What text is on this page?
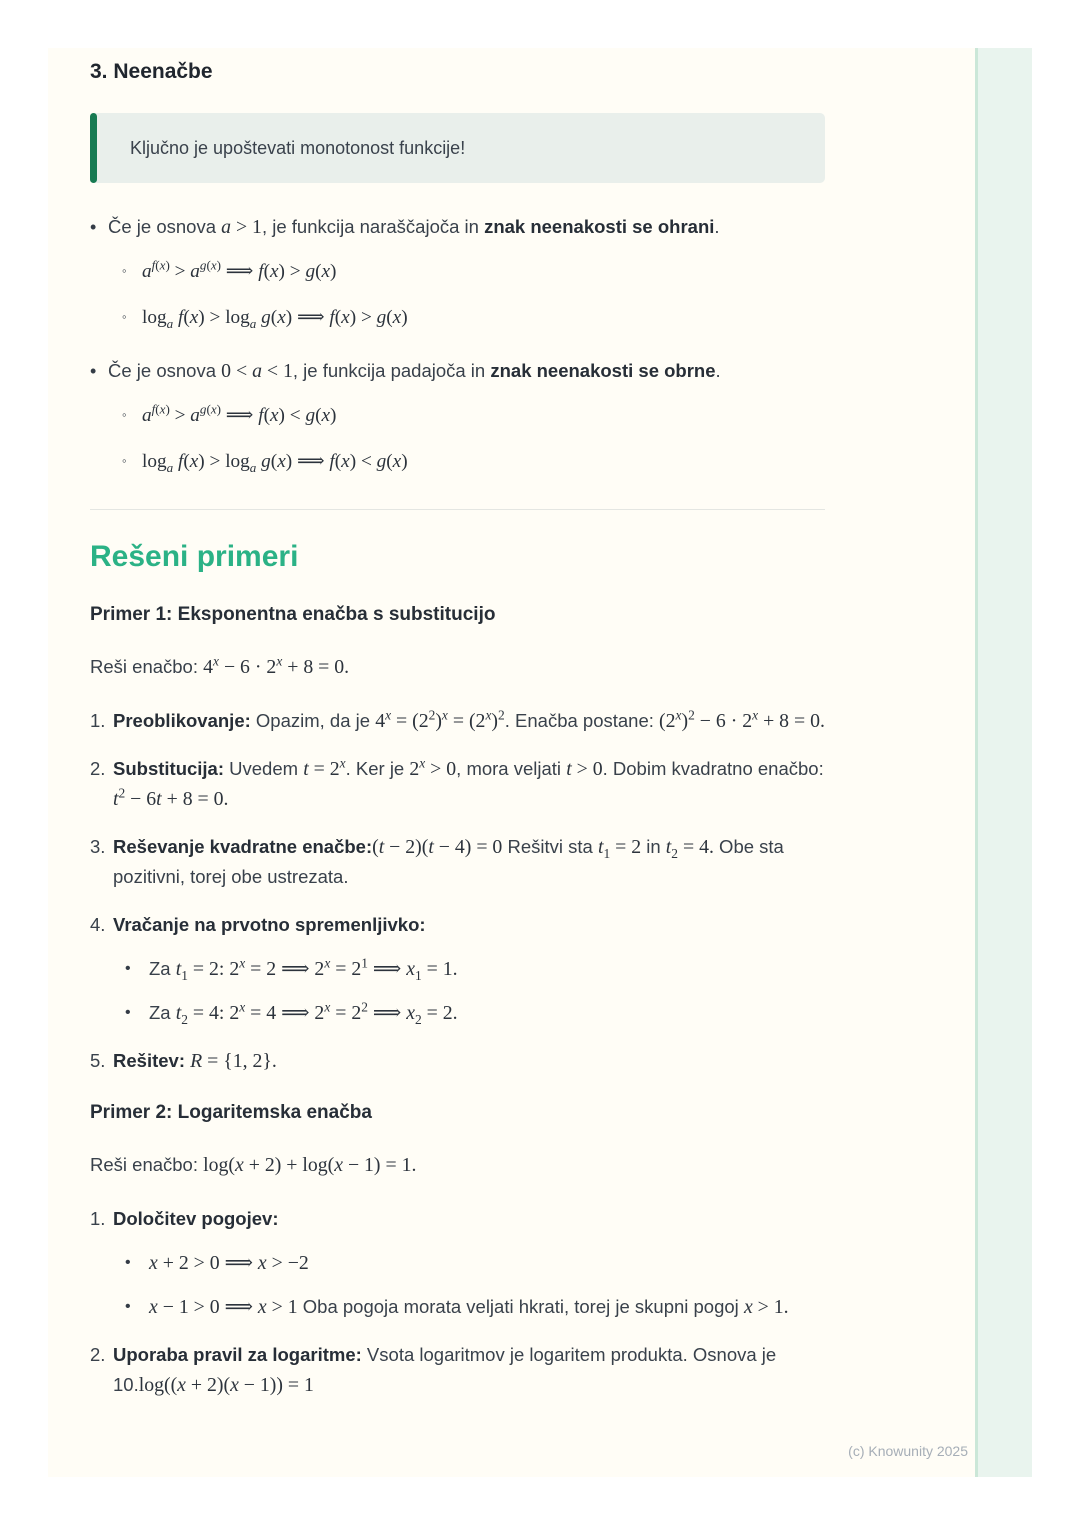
3. Neenačbe
Ključno je upoštevati monotonost funkcije!
• Če je osnova a > 1, je funkcija naraščajoča in znak neenakosti se ohrani.
◦ $a^{f(x)} > a^{g(x)}$ ⟹ f(x) > g(x)
◦ $\log_a f(x) > \log_a g(x)$ ⟹ f(x) > g(x)
• Če je osnova 0 < a < 1, je funkcija padajoča in znak neenakosti se obrne.
◦ $a^{f(x)} > a^{g(x)}$ ⟹ f(x) < g(x)
◦ $\log_a f(x) > \log_a g(x)$ ⟹ f(x) < g(x)
Rešeni primeri
Primer 1: Eksponentna enačba s substitucijo
Reši enačbo: $4^x - 6 \cdot 2^x + 8 = 0$.
1. Preoblikovanje: Opazim, da je $4^x = (2^2)^x = (2^x)^2$. Enačba postane: $(2^x)^2 - 6 \cdot 2^x + 8 = 0$.
2. Substitucija: Uvedem $t = 2^x$. Ker je $2^x > 0$, mora veljati t > 0. Dobim kvadratno enačbo: $t^2 - 6t + 8 = 0$.
3. Reševanje kvadratne enačbe:(t − 2)(t − 4) = 0 Rešitvi sta $t_1 = 2$ in $t_2 = 4$. Obe sta pozitivni, torej obe ustrezata.
4. Vračanje na prvotno spremenljivko:
• Za $t_1 = 2$: $2^x = 2$ ⟹ $2^x = 2^1$ ⟹ $x_1 = 1$.
• Za $t_2 = 4$: $2^x = 4$ ⟹ $2^x = 2^2$ ⟹ $x_2 = 2$.
5. Rešitev: R = {1, 2}.
Primer 2: Logaritemska enačba
Reši enačbo: log(x + 2) + log(x − 1) = 1.
1. Določitev pogojev:
• x + 2 > 0 ⟹ x > −2
• x − 1 > 0 ⟹ x > 1 Oba pogoja morata veljati hkrati, torej je skupni pogoj x > 1.
2. Uporaba pravil za logaritme: Vsota logaritmov je logaritem produkta. Osnova je 10.log((x + 2)(x − 1)) = 1
(c) Knowunity 2025
